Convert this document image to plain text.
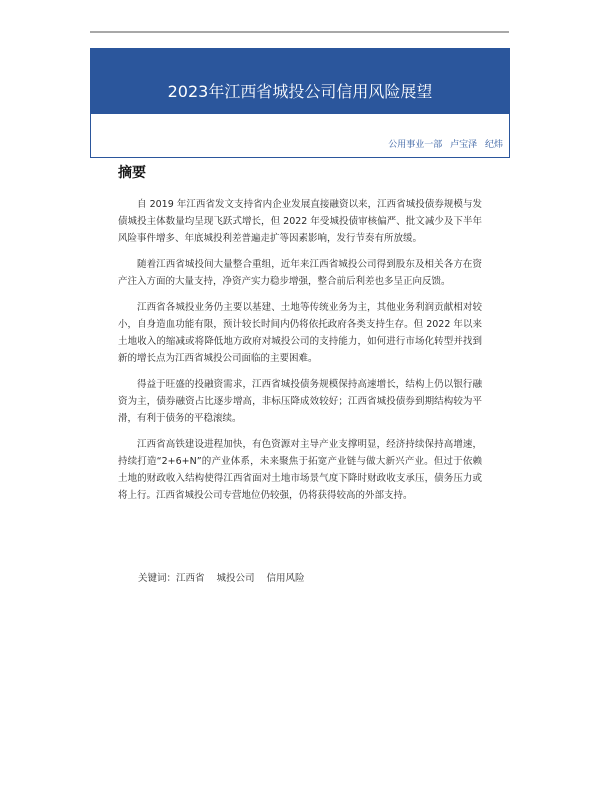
2023年江西省城投公司信用风险展望
公用事业一部 卢宝泽 纪炜
摘要

自 2019 年江西省发文支持省内企业发展直接融资以来，江西省城投债券规模与发债城投主体数量均呈现飞跃式增长，但 2022 年受城投债审核偏严、批文减少及下半年风险事件增多、年底城投利差普遍走扩等因素影响，发行节奏有所放缓。

随着江西省城投间大量整合重组，近年来江西省城投公司得到股东及相关各方在资产注入方面的大量支持，净资产实力稳步增强，整合前后利差也多呈正向反馈。

江西省各城投业务仍主要以基建、土地等传统业务为主，其他业务利润贡献相对较小，自身造血功能有限，预计较长时间内仍将依托政府各类支持生存。但 2022 年以来土地收入的缩减或将降低地方政府对城投公司的支持能力，如何进行市场化转型并找到新的增长点为江西省城投公司面临的主要困难。

得益于旺盛的投融资需求，江西省城投债务规模保持高速增长，结构上仍以银行融资为主，债券融资占比逐步增高，非标压降成效较好；江西省城投债券到期结构较为平滑，有利于债务的平稳滚续。

江西省高铁建设进程加快，有色资源对主导产业支撑明显，经济持续保持高增速，持续打造“2+6+N”的产业体系，未来聚焦于拓宽产业链与做大新兴产业。但过于依赖土地的财政收入结构使得江西省面对土地市场景气度下降时财政收支承压，债务压力或将上行。江西省城投公司专营地位仍较强，仍将获得较高的外部支持。

关键词：江西省 城投公司 信用风险
